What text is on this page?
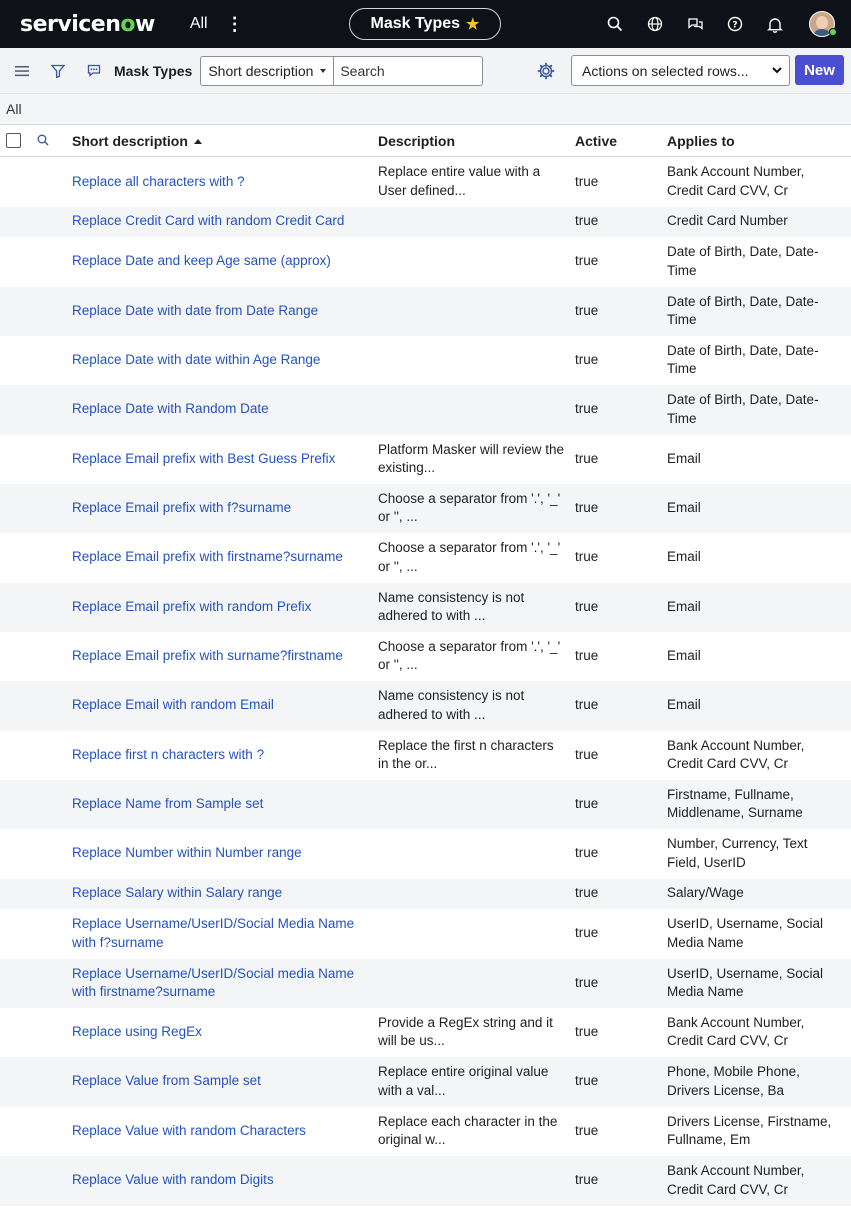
servicenow All ⋮	Mask Types ★	?
Mask Types Short description
Search	Actions on selected rows...	New
All
		Short description	Description	Active	Applies to
		Replace all characters with ?	Replace entire value with a User defined...	true	Bank Account Number, Credit Card CVV, Cr
		Replace Credit Card with random Credit Card		true	Credit Card Number
		Replace Date and keep Age same (approx)		true	Date of Birth, Date, Date-Time
		Replace Date with date from Date Range		true	Date of Birth, Date, Date-Time
		Replace Date with date within Age Range		true	Date of Birth, Date, Date-Time
		Replace Date with Random Date		true	Date of Birth, Date, Date-Time
		Replace Email prefix with Best Guess Prefix	Platform Masker will review the existing...	true	Email
		Replace Email prefix with f?surname	Choose a separator from '.', '_' or '', ...	true	Email
		Replace Email prefix with firstname?surname	Choose a separator from '.', '_' or '', ...	true	Email
		Replace Email prefix with random Prefix	Name consistency is not adhered to with ...	true	Email
		Replace Email prefix with surname?firstname	Choose a separator from '.', '_' or '', ...	true	Email
		Replace Email with random Email	Name consistency is not adhered to with ...	true	Email
		Replace first n characters with ?	Replace the first n characters in the or...	true	Bank Account Number, Credit Card CVV, Cr
		Replace Name from Sample set		true	Firstname, Fullname, Middlename, Surname
		Replace Number within Number range		true	Number, Currency, Text Field, UserID
		Replace Salary within Salary range		true	Salary/Wage
		Replace Username/UserID/Social Media Name with f?surname		true	UserID, Username, Social Media Name
		Replace Username/UserID/Social media Name with firstname?surname		true	UserID, Username, Social Media Name
		Replace using RegEx	Provide a RegEx string and it will be us...	true	Bank Account Number, Credit Card CVV, Cr
		Replace Value from Sample set	Replace entire original value with a val...	true	Phone, Mobile Phone, Drivers License, Ba
		Replace Value with random Characters	Replace each character in the original w...	true	Drivers License, Firstname, Fullname, Em
		Replace Value with random Digits		true	Bank Account Number, Credit Card CVV, Cr
